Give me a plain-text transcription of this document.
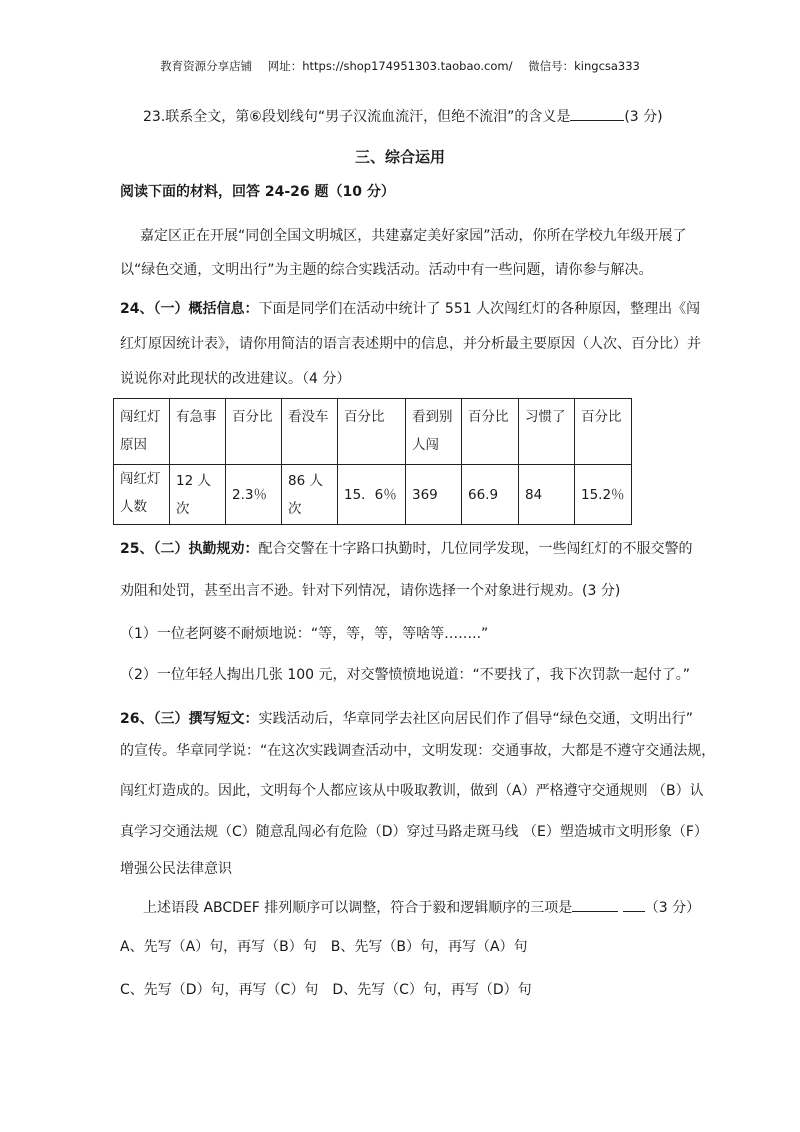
教育资源分享店铺 网址：https://shop174951303.taobao.com/ 微信号：kingcsa333
23.联系全文，第⑥段划线句“男子汉流血流汗，但绝不流泪”的含义是	(3 分)
三、综合运用
阅读下面的材料，回答 24-26 题（10 分）
嘉定区正在开展“同创全国文明城区，共建嘉定美好家园”活动，你所在学校九年级开展了
以“绿色交通，文明出行”为主题的综合实践活动。活动中有一些问题，请你参与解决。
24、（一）概括信息：下面是同学们在活动中统计了 551 人次闯红灯的各种原因，整理出《闯
红灯原因统计表》，请你用简洁的语言表述期中的信息，并分析最主要原因（人次、百分比）并
说说你对此现状的改进建议。（4 分）
闯红灯原因	有急事	百分比	看没车	百分比	看到别人闯	百分比	习惯了	百分比
闯红灯人数	12 人次	2.3％	86 人次	15．6％	369	66.9	84	15.2％
25、（二）执勤规劝：配合交警在十字路口执勤时，几位同学发现，一些闯红灯的不服交警的
劝阻和处罚，甚至出言不逊。针对下列情况，请你选择一个对象进行规劝。(3 分)
（1）一位老阿婆不耐烦地说：“等，等，等，等啥等……..”
（2）一位年轻人掏出几张 100 元，对交警愤愤地说道：“不要找了，我下次罚款一起付了。”
26、（三）撰写短文：实践活动后，华章同学去社区向居民们作了倡导“绿色交通，文明出行”
的宣传。华章同学说：“在这次实践调查活动中，文明发现：交通事故，大都是不遵守交通法规，
闯红灯造成的。因此，文明每个人都应该从中吸取教训，做到（A）严格遵守交通规则 （B）认
真学习交通法规（C）随意乱闯必有危险（D）穿过马路走斑马线 （E）塑造城市文明形象（F）
增强公民法律意识
上述语段 ABCDEF 排列顺序可以调整，符合于毅和逻辑顺序的三项是	（3 分）
A、先写（A）句，再写（B）句 B、先写（B）句，再写（A）句
C、先写（D）句，再写（C）句 D、先写（C）句，再写（D）句
